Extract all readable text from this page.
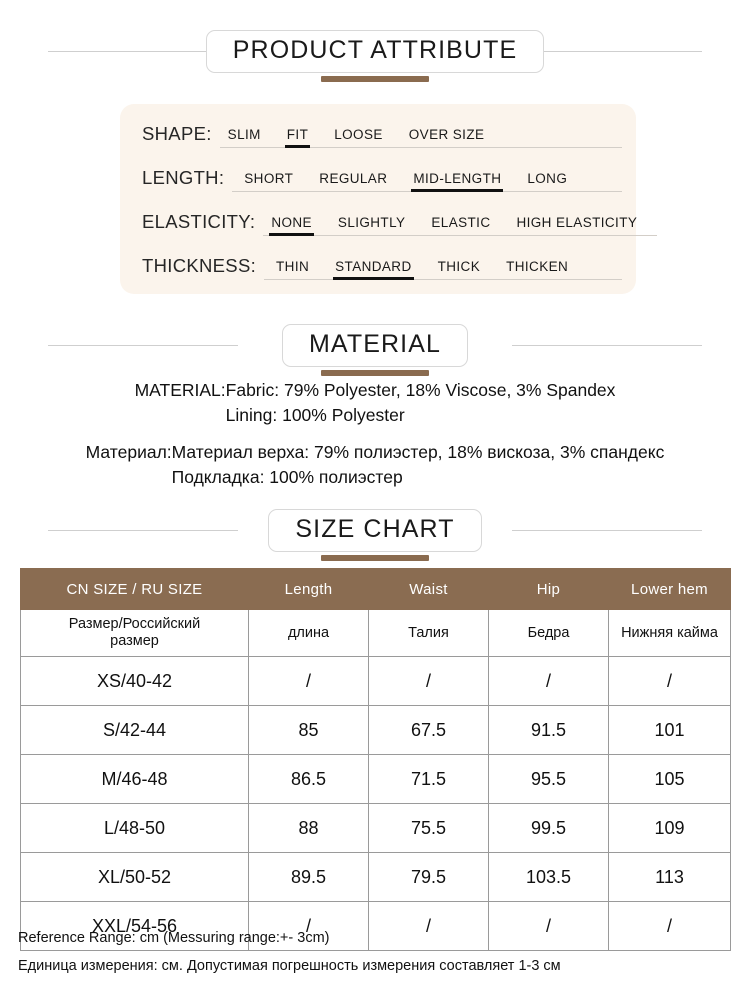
PRODUCT ATTRIBUTE
SHAPE:	SLIM	FIT	LOOSE	OVER SIZE
LENGTH:	SHORT	REGULAR	MID-LENGTH	LONG
ELASTICITY:	NONE	SLIGHTLY	ELASTIC	HIGH ELASTICITY
THICKNESS:	THIN	STANDARD	THICK	THICKEN
MATERIAL
MATERIAL: Fabric: 79% Polyester, 18% Viscose, 3% Spandex
Lining: 100% Polyester
Материал: Материал верха: 79% полиэстер, 18% вискоза, 3% спандекс
Подкладка: 100% полиэстер
SIZE CHART
CN SIZE / RU SIZE	Length	Waist	Hip	Lower hem
Размер/Российский
размер	длина	Талия	Бедра	Нижняя кайма
XS/40-42	/	/	/	/
S/42-44	85	67.5	91.5	101
M/46-48	86.5	71.5	95.5	105
L/48-50	88	75.5	99.5	109
XL/50-52	89.5	79.5	103.5	113
XXL/54-56	/	/	/	/
Reference Range: cm (Messuring range:+- 3cm)
Единица измерения: см. Допустимая погрешность измерения составляет 1-3 см
